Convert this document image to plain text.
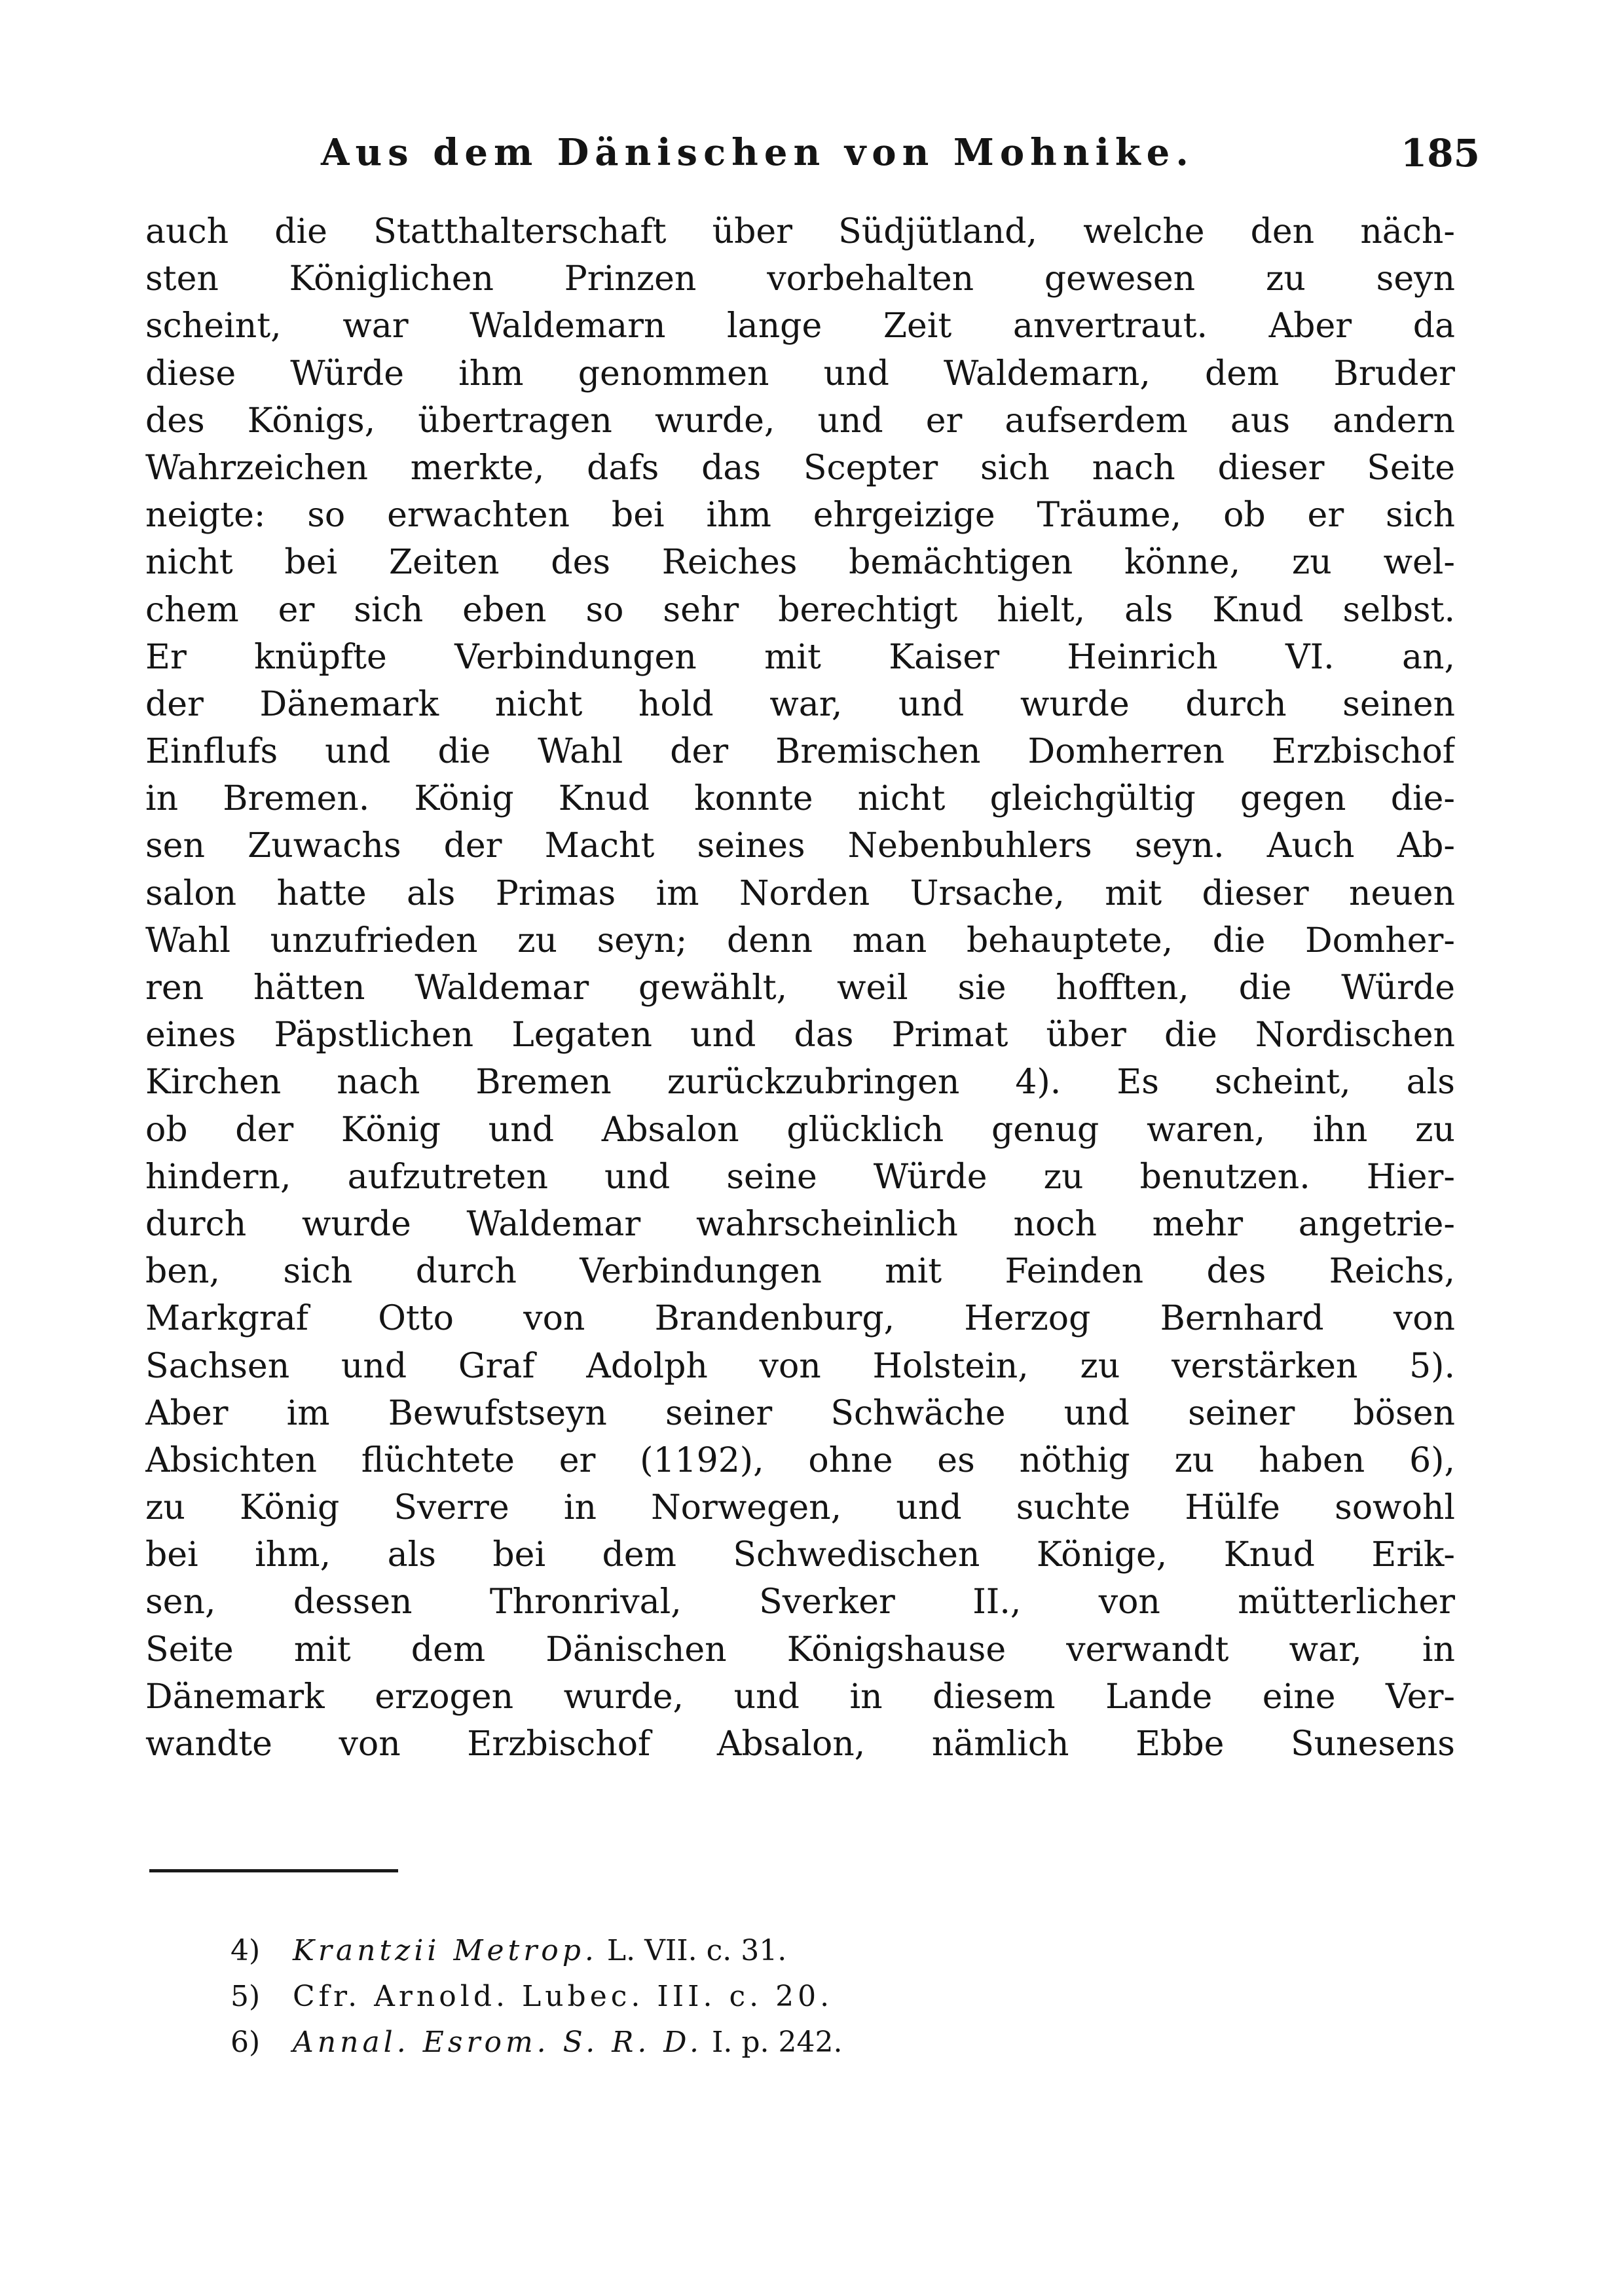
Aus dem Dänischen von Mohnike.	185
auch die Statthalterschaft über Südjütland, welche den näch-
sten Königlichen Prinzen vorbehalten gewesen zu seyn
scheint, war Waldemarn lange Zeit anvertraut. Aber da
diese Würde ihm genommen und Waldemarn, dem Bruder
des Königs, übertragen wurde, und er aufserdem aus andern
Wahrzeichen merkte, dafs das Scepter sich nach dieser Seite
neigte: so erwachten bei ihm ehrgeizige Träume, ob er sich
nicht bei Zeiten des Reiches bemächtigen könne, zu wel-
chem er sich eben so sehr berechtigt hielt, als Knud selbst.
Er knüpfte Verbindungen mit Kaiser Heinrich VI. an,
der Dänemark nicht hold war, und wurde durch seinen
Einflufs und die Wahl der Bremischen Domherren Erzbischof
in Bremen. König Knud konnte nicht gleichgültig gegen die-
sen Zuwachs der Macht seines Nebenbuhlers seyn. Auch Ab-
salon hatte als Primas im Norden Ursache, mit dieser neuen
Wahl unzufrieden zu seyn; denn man behauptete, die Domher-
ren hätten Waldemar gewählt, weil sie hofften, die Würde
eines Päpstlichen Legaten und das Primat über die Nordischen
Kirchen nach Bremen zurückzubringen 4). Es scheint, als
ob der König und Absalon glücklich genug waren, ihn zu
hindern, aufzutreten und seine Würde zu benutzen. Hier-
durch wurde Waldemar wahrscheinlich noch mehr angetrie-
ben, sich durch Verbindungen mit Feinden des Reichs,
Markgraf Otto von Brandenburg, Herzog Bernhard von
Sachsen und Graf Adolph von Holstein, zu verstärken 5).
Aber im Bewufstseyn seiner Schwäche und seiner bösen
Absichten flüchtete er (1192), ohne es nöthig zu haben 6),
zu König Sverre in Norwegen, und suchte Hülfe sowohl
bei ihm, als bei dem Schwedischen Könige, Knud Erik-
sen, dessen Thronrival, Sverker II., von mütterlicher
Seite mit dem Dänischen Königshause verwandt war, in
Dänemark erzogen wurde, und in diesem Lande eine Ver-
wandte von Erzbischof Absalon, nämlich Ebbe Sunesens
4) Krantzii Metrop. L. VII. c. 31.
5) Cfr. Arnold. Lubec. III. c. 20.
6) Annal. Esrom. S. R. D. I. p. 242.
